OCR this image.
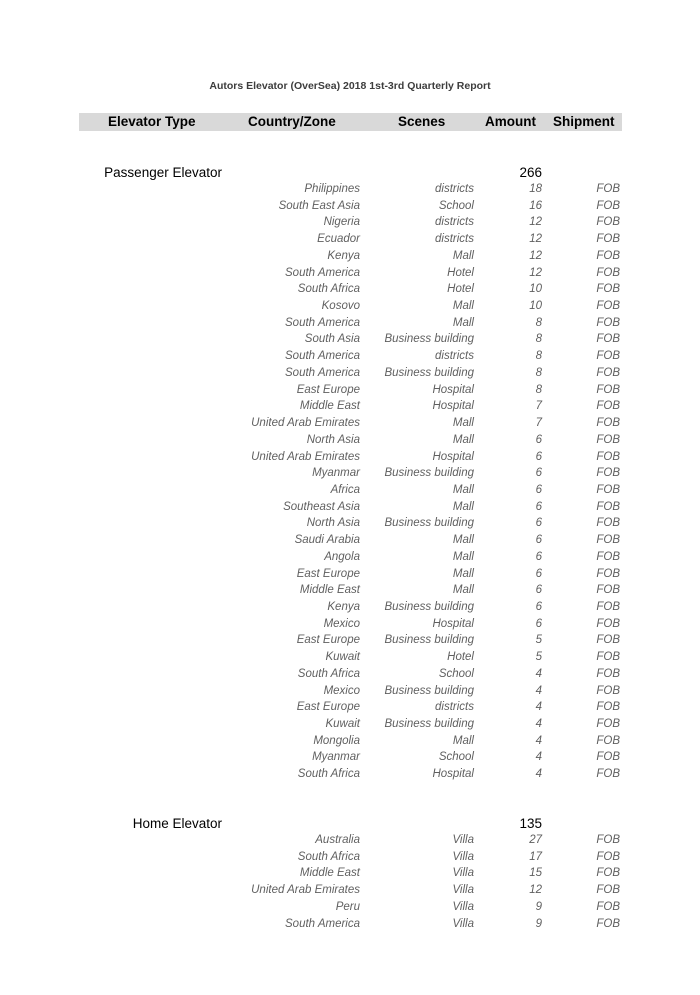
Autors Elevator (OverSea) 2018 1st-3rd Quarterly Report
Elevator Type	Country/Zone	Scenes	Amount Shipment
Passenger Elevator	266
Philippines	districts	18	FOB
South East Asia	School	16	FOB
Nigeria	districts	12	FOB
Ecuador	districts	12	FOB
Kenya	Mall	12	FOB
South America	Hotel	12	FOB
South Africa	Hotel	10	FOB
Kosovo	Mall	10	FOB
South America	Mall	8	FOB
South Asia	Business building	8	FOB
South America	districts	8	FOB
South America	Business building	8	FOB
East Europe	Hospital	8	FOB
Middle East	Hospital	7	FOB
United Arab Emirates	Mall	7	FOB
North Asia	Mall	6	FOB
United Arab Emirates	Hospital	6	FOB
Myanmar	Business building	6	FOB
Africa	Mall	6	FOB
Southeast Asia	Mall	6	FOB
North Asia	Business building	6	FOB
Saudi Arabia	Mall	6	FOB
Angola	Mall	6	FOB
East Europe	Mall	6	FOB
Middle East	Mall	6	FOB
Kenya	Business building	6	FOB
Mexico	Hospital	6	FOB
East Europe	Business building	5	FOB
Kuwait	Hotel	5	FOB
South Africa	School	4	FOB
Mexico	Business building	4	FOB
East Europe	districts	4	FOB
Kuwait	Business building	4	FOB
Mongolia	Mall	4	FOB
Myanmar	School	4	FOB
South Africa	Hospital	4	FOB
Home Elevator	135
Australia	Villa	27	FOB
South Africa	Villa	17	FOB
Middle East	Villa	15	FOB
United Arab Emirates	Villa	12	FOB
Peru	Villa	9	FOB
South America	Villa	9	FOB
